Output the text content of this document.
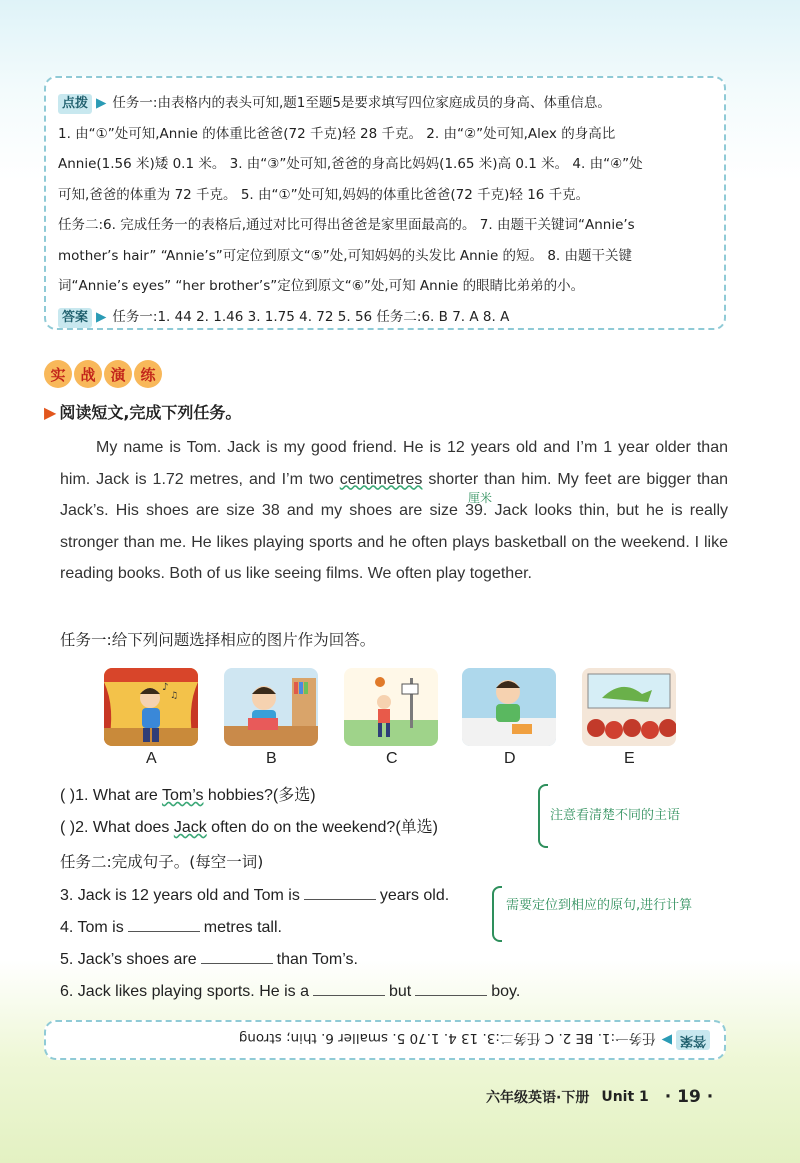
点拨 ▶ 任务一:由表格内的表头可知,题1至题5是要求填写四位家庭成员的身高、体重信息。

1. 由“①”处可知,Annie 的体重比爸爸(72 千克)轻 28 千克。 2. 由“②”处可知,Alex 的身高比

Annie(1.56 米)矮 0.1 米。 3. 由“③”处可知,爸爸的身高比妈妈(1.65 米)高 0.1 米。 4. 由“④”处

可知,爸爸的体重为 72 千克。 5. 由“①”处可知,妈妈的体重比爸爸(72 千克)轻 16 千克。

任务二:6. 完成任务一的表格后,通过对比可得出爸爸是家里面最高的。 7. 由题干关键词“Annie’s

mother’s hair” “Annie’s”可定位到原文“⑤”处,可知妈妈的头发比 Annie 的短。 8. 由题干关键

词“Annie’s eyes” “her brother’s”定位到原文“⑥”处,可知 Annie 的眼睛比弟弟的小。

答案 ▶ 任务一:1. 44 2. 1.46 3. 1.75 4. 72 5. 56 任务二:6. B 7. A 8. A

实 战 演 练
▶ 阅读短文,完成下列任务。
My name is Tom. Jack is my good friend. He is 12 years old and I’m 1 year older than him. Jack is 1.72 metres, and I’m two centimetres shorter than him. My feet are bigger than Jack’s. His shoes are size 38 and my shoes are size 39. Jack looks thin, but he is really stronger than me. He likes playing sports and he often plays basketball on the weekend. I like reading books. Both of us like seeing films. We often play together.
厘米
任务一:给下列问题选择相应的图片作为回答。
♪
♫
A	B	C	D	E
( )1. What are Tom’s hobbies?(多选)
( )2. What does Jack often do on the weekend?(单选)
注意看清楚不同的主语
任务二:完成句子。(每空一词)
3. Jack is 12 years old and Tom is	years old.
4. Tom is	metres tall.
5. Jack’s shoes are	than Tom’s.
6. Jack likes playing sports. He is a	but	boy.
需要定位到相应的原句,进行计算
答案
▶
任务一:1. BE 2. C 任务二:3. 13 4. 1.70 5. smaller 6. thin; strong
六年级英语·下册 Unit 1 · 19 ·
